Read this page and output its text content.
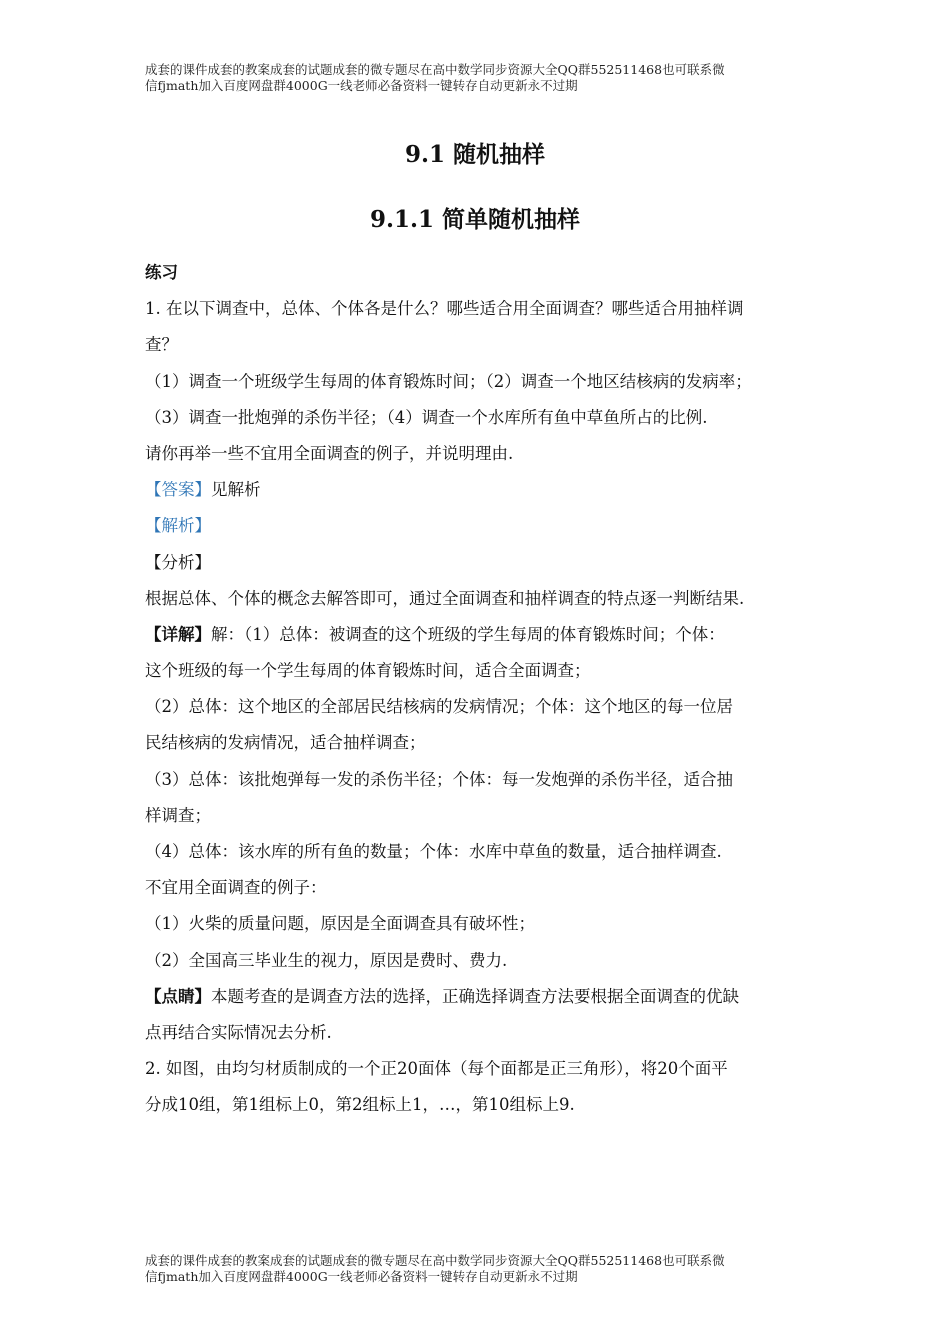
成套的课件成套的教案成套的试题成套的微专题尽在高中数学同步资源大全QQ群552511468也可联系微
信fjmath加入百度网盘群4000G一线老师必备资料一键转存自动更新永不过期
9.1 随机抽样
9.1.1 简单随机抽样
练习
1. 在以下调查中，总体、个体各是什么？哪些适合用全面调查？哪些适合用抽样调
查？
（1）调查一个班级学生每周的体育锻炼时间；（2）调查一个地区结核病的发病率；
（3）调查一批炮弹的杀伤半径；（4）调查一个水库所有鱼中草鱼所占的比例.
请你再举一些不宜用全面调查的例子，并说明理由.
【答案】见解析
【解析】
【分析】
根据总体、个体的概念去解答即可，通过全面调查和抽样调查的特点逐一判断结果.
【详解】解：（1）总体：被调查的这个班级的学生每周的体育锻炼时间；个体：
这个班级的每一个学生每周的体育锻炼时间，适合全面调查；
（2）总体：这个地区的全部居民结核病的发病情况；个体：这个地区的每一位居
民结核病的发病情况，适合抽样调查；
（3）总体：该批炮弹每一发的杀伤半径；个体：每一发炮弹的杀伤半径，适合抽
样调查；
（4）总体：该水库的所有鱼的数量；个体：水库中草鱼的数量，适合抽样调查.
不宜用全面调查的例子：
（1）火柴的质量问题，原因是全面调查具有破坏性；
（2）全国高三毕业生的视力，原因是费时、费力.
【点睛】本题考查的是调查方法的选择，正确选择调查方法要根据全面调查的优缺
点再结合实际情况去分析.
2. 如图，由均匀材质制成的一个正20面体（每个面都是正三角形），将20个面平
分成10组，第1组标上0，第2组标上1，…，第10组标上9.
成套的课件成套的教案成套的试题成套的微专题尽在高中数学同步资源大全QQ群552511468也可联系微
信fjmath加入百度网盘群4000G一线老师必备资料一键转存自动更新永不过期
